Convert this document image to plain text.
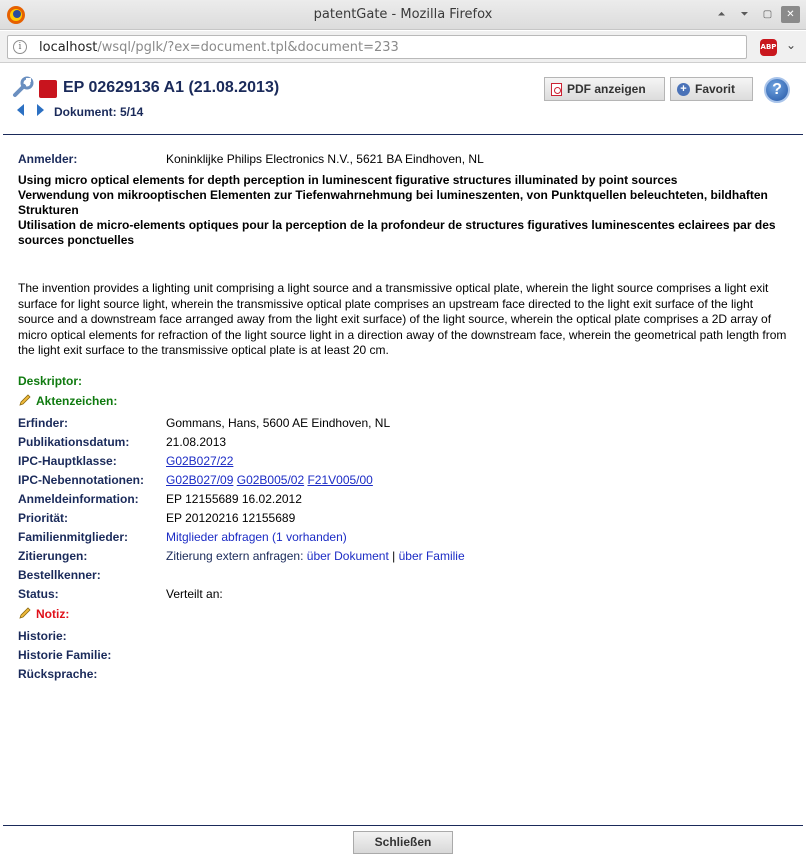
patentGate - Mozilla Firefox	⏶	⏷	▢	✕
i	localhost/wsql/pglk/?ex=document.tpl&document=233	ABP ⌄
EP 02629136 A1 (21.08.2013)
Dokument: 5/14
PDF anzeigen	+ Favorit	?
Anmelder:	Koninklijke Philips Electronics N.V., 5621 BA Eindhoven, NL
Using micro optical elements for depth perception in luminescent figurative structures illuminated by point sources
Verwendung von mikrooptischen Elementen zur Tiefenwahrnehmung bei lumineszenten, von Punktquellen beleuchteten, bildhaften Strukturen
Utilisation de micro-elements optiques pour la perception de la profondeur de structures figuratives luminescentes eclairees par des sources ponctuelles
The invention provides a lighting unit comprising a light source and a transmissive optical plate, wherein the light source comprises a light exit surface for light source light, wherein the transmissive optical plate comprises an upstream face directed to the light exit surface of the light source and a downstream face arranged away from the light exit surface) of the light source, wherein the optical plate comprises a 2D array of micro optical elements for refraction of the light source light in a direction away of the downstream face, wherein the geometrical path length from the light exit surface to the transmissive optical plate is at least 20 cm.
Deskriptor:
Aktenzeichen:
Erfinder:	Gommans, Hans, 5600 AE Eindhoven, NL
Publikationsdatum:	21.08.2013
IPC-Hauptklasse:	G02B027/22
IPC-Nebennotationen: G02B027/09 G02B005/02 F21V005/00
Anmeldeinformation: EP 12155689 16.02.2012
Priorität:	EP 20120216 12155689
Familienmitglieder:	Mitglieder abfragen (1 vorhanden)
Zitierungen:	Zitierung extern anfragen: über Dokument | über Familie
Bestellkenner:
Status:	Verteilt an:
Notiz:
Historie:
Historie Familie:
Rücksprache:
Schließen
